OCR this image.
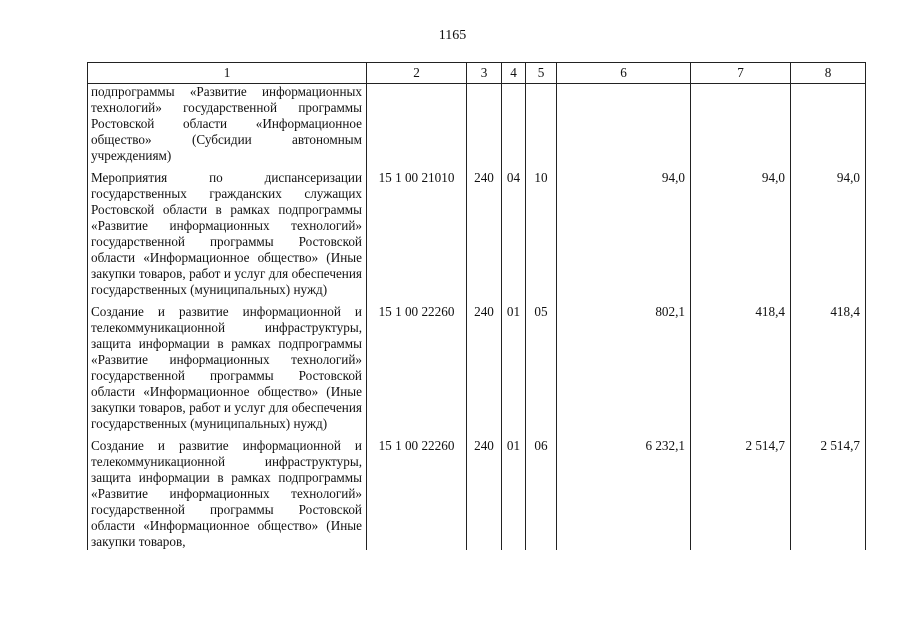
1165
1	2	3	4	5	6	7	8
подпрограммы «Развитие информационных технологий» государственной программы Ростовской области «Информационное общество» (Субсидии автономным учреждениям)							
Мероприятия по диспансеризации государственных гражданских служащих Ростовской области в рамках подпрограммы «Развитие информационных технологий» государственной программы Ростовской области «Информационное общество» (Иные закупки товаров, работ и услуг для обеспечения государственных (муниципальных) нужд)	15 1 00 21010	240	04	10	94,0	94,0	94,0
Создание и развитие информационной и телекоммуникационной инфраструктуры, защита информации в рамках подпрограммы «Развитие информационных технологий» государственной программы Ростовской области «Информационное общество» (Иные закупки товаров, работ и услуг для обеспечения государственных (муниципальных) нужд)	15 1 00 22260	240	01	05	802,1	418,4	418,4
Создание и развитие информационной и телекоммуникационной инфраструктуры, защита информации в рамках подпрограммы «Развитие информационных технологий» государственной программы Ростовской области «Информационное общество» (Иные закупки товаров,	15 1 00 22260	240	01	06	6 232,1	2 514,7	2 514,7
